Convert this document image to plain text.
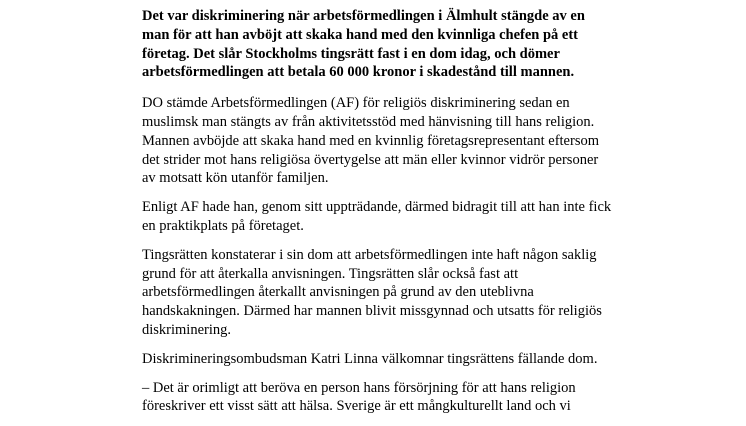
Det var diskriminering när arbetsförmedlingen i Älmhult stängde av en man för att han avböjt att skaka hand med den kvinnliga chefen på ett företag. Det slår Stockholms tingsrätt fast i en dom idag, och dömer arbetsförmedlingen att betala 60 000 kronor i skadestånd till mannen.

DO stämde Arbetsförmedlingen (AF) för religiös diskriminering sedan en muslimsk man stängts av från aktivitetsstöd med hänvisning till hans religion. Mannen avböjde att skaka hand med en kvinnlig företagsrepresentant eftersom det strider mot hans religiösa övertygelse att män eller kvinnor vidrör personer av motsatt kön utanför familjen.

Enligt AF hade han, genom sitt uppträdande, därmed bidragit till att han inte fick en praktikplats på företaget.

Tingsrätten konstaterar i sin dom att arbetsförmedlingen inte haft någon saklig grund för att återkalla anvisningen. Tingsrätten slår också fast att arbetsförmedlingen återkallt anvisningen på grund av den uteblivna handskakningen. Därmed har mannen blivit missgynnad och utsatts för religiös diskriminering.

Diskrimineringsombudsman Katri Linna välkomnar tingsrättens fällande dom.

– Det är orimligt att beröva en person hans försörjning för att hans religion föreskriver ett visst sätt att hälsa. Sverige är ett mångkulturellt land och vi
